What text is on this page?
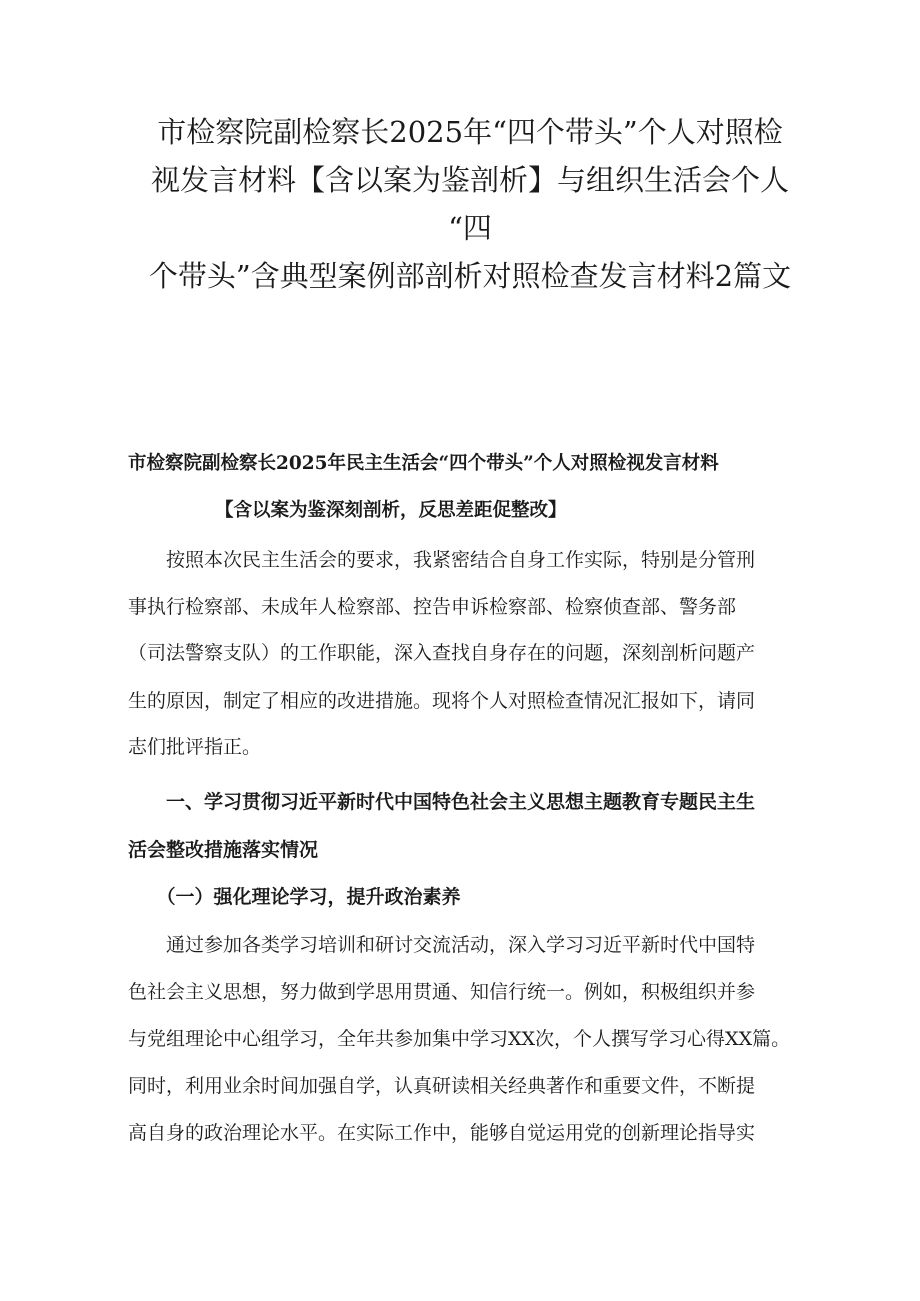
市检察院副检察长2025年“四个带头”个人对照检
视发言材料【含以案为鉴剖析】与组织生活会个人
“四
个带头”含典型案例部剖析对照检查发言材料2篇文
市检察院副检察长2025年民主生活会“四个带头”个人对照检视发言材料
【含以案为鉴深刻剖析，反思差距促整改】

　　按照本次民主生活会的要求，我紧密结合自身工作实际，特别是分管刑

事执行检察部、未成年人检察部、控告申诉检察部、检察侦查部、警务部

（司法警察支队）的工作职能，深入查找自身存在的问题，深刻剖析问题产

生的原因，制定了相应的改进措施。现将个人对照检查情况汇报如下，请同

志们批评指正。

　　一、学习贯彻习近平新时代中国特色社会主义思想主题教育专题民主生

活会整改措施落实情况

　　（一）强化理论学习，提升政治素养

　　通过参加各类学习培训和研讨交流活动，深入学习习近平新时代中国特

色社会主义思想，努力做到学思用贯通、知信行统一。例如，积极组织并参

与党组理论中心组学习，全年共参加集中学习XX次，个人撰写学习心得XX篇。

同时，利用业余时间加强自学，认真研读相关经典著作和重要文件，不断提

高自身的政治理论水平。在实际工作中，能够自觉运用党的创新理论指导实
